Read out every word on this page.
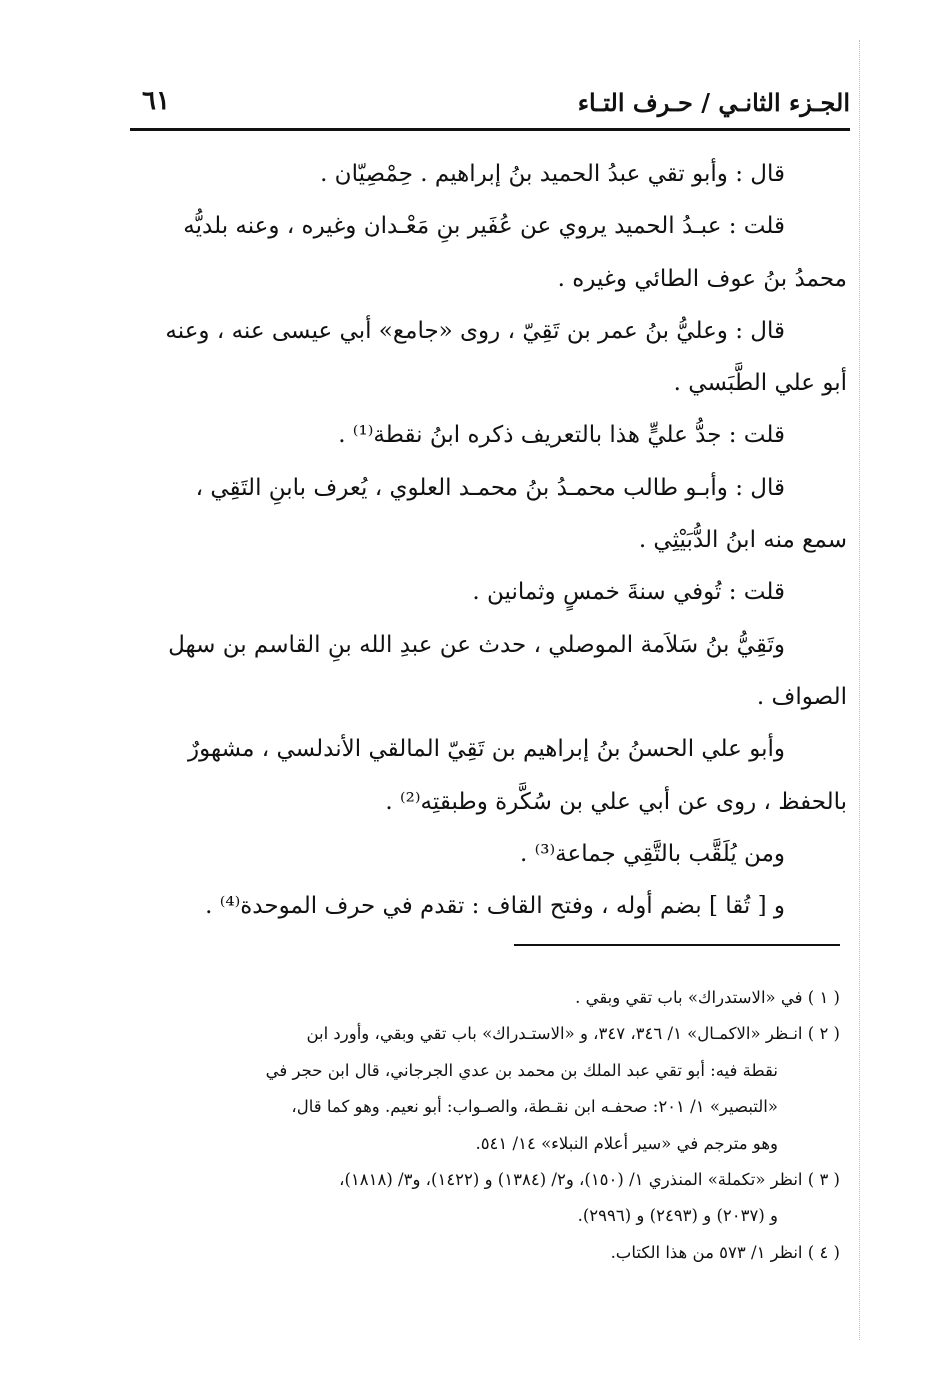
الجـزء الثانـي / حـرف التـاء
٦١

قال : وأبو تقي عبدُ الحميد بنُ إبراهيم . حِمْصِيّان .

قلت : عبـدُ الحميد يروي عن عُفَير بنِ مَعْـدان وغيره ، وعنه بلديُّه

محمدُ بنُ عوف الطائي وغيره .

قال : وعليُّ بنُ عمر بن تَقِيّ ، روى «جامع» أبي عيسى عنه ، وعنه

أبو علي الطَّبَسي .

قلت : جدُّ عليٍّ هذا بالتعريف ذكره ابنُ نقطة⁽¹⁾ .

قال : وأبـو طالب محمـدُ بنُ محمـد العلوي ، يُعرف بابنِ التَقِي ،

سمع منه ابنُ الدُّبَيْثِي .

قلت : تُوفي سنةَ خمسٍ وثمانين .

وتَقِيُّ بنُ سَلاَمة الموصلي ، حدث عن عبدِ الله بنِ القاسم بن سهل

الصواف .

وأبو علي الحسنُ بنُ إبراهيم بن تَقِيّ المالقي الأندلسي ، مشهورٌ

بالحفظ ، روى عن أبي علي بن سُكَّرة وطبقتِه⁽²⁾ .

ومن يُلَقَّب بالتَّقِي جماعة⁽³⁾ .

و [ تُقا ] بضم أوله ، وفتح القاف : تقدم في حرف الموحدة⁽⁴⁾ .

( ١ ) في «الاستدراك» باب تقي وبقي .

( ٢ ) انـظر «الاكمـال» ١/ ٣٤٦، ٣٤٧، و «الاستـدراك» باب تقي وبقي، وأورد ابن

نقطة فيه: أبو تقي عبد الملك بن محمد بن عدي الجرجاني، قال ابن حجر في

«التبصير» ١/ ٢٠١: صحفـه ابن نقـطة، والصـواب: أبو نعيم. وهو كما قال،

وهو مترجم في «سير أعلام النبلاء» ١٤/ ٥٤١.

( ٣ ) انظر «تكملة» المنذري ١/ (١٥٠)، و٢/ (١٣٨٤) و (١٤٢٢)، و٣/ (١٨١٨)،

و (٢٠٣٧) و (٢٤٩٣) و (٢٩٩٦).

( ٤ ) انظر ١/ ٥٧٣ من هذا الكتاب.
